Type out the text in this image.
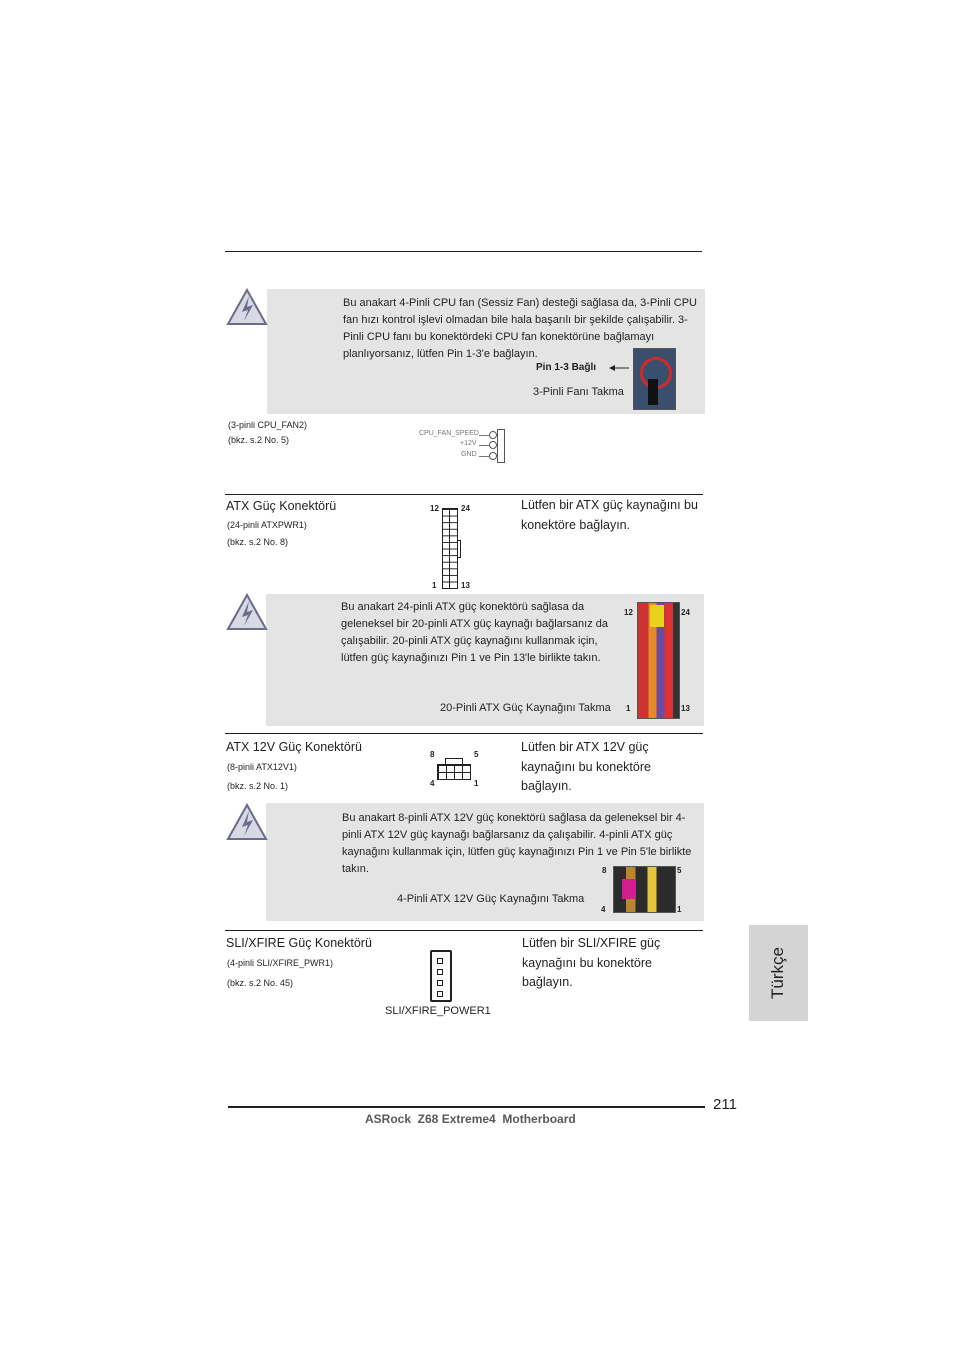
Bu anakart 4-Pinli CPU fan (Sessiz Fan) desteği sağlasa da, 3-Pinli CPU fan hızı kontrol işlevi olmadan bile hala başarılı bir şekilde çalışabilir. 3-Pinli CPU fanı bu konektördeki CPU fan konektörüne bağlamayı planlıyorsanız, lütfen Pin 1-3'e bağlayın.
Pin 1-3 Bağlı
3-Pinli Fanı Takma
(3-pinli CPU_FAN2)
(bkz. s.2 No. 5)
CPU_FAN_SPEED
+12V
GND
ATX Güç Konektörü
(24-pinli ATXPWR1)
(bkz. s.2 No. 8)
Lütfen bir ATX güç kaynağını bu konektöre bağlayın.
12	24
1	13
Bu anakart 24-pinli ATX güç konektörü sağlasa da geleneksel bir 20-pinli ATX güç kaynağı bağlarsanız da çalışabilir. 20-pinli ATX güç kaynağını kullanmak için, lütfen güç kaynağınızı Pin 1 ve Pin 13'le birlikte takın.
20-Pinli ATX Güç Kaynağını Takma
12	24
1	13
ATX 12V Güç Konektörü
(8-pinli ATX12V1)
(bkz. s.2 No. 1)
Lütfen bir ATX 12V güç kaynağını bu konektöre bağlayın.
8	5
4	1
Bu anakart 8-pinli ATX 12V güç konektörü sağlasa da geleneksel bir 4-pinli ATX 12V güç kaynağı bağlarsanız da çalışabilir. 4-pinli ATX güç kaynağını kullanmak için, lütfen güç kaynağınızı Pin 1 ve Pin 5'le birlikte takın.
4-Pinli ATX 12V Güç Kaynağını Takma
8	5
4	1
SLI/XFIRE Güç Konektörü
(4-pinli SLI/XFIRE_PWR1)
(bkz. s.2 No. 45)
Lütfen bir SLI/XFIRE güç kaynağını bu konektöre bağlayın.
SLI/XFIRE_POWER1
Türkçe
211
ASRock  Z68 Extreme4  Motherboard
